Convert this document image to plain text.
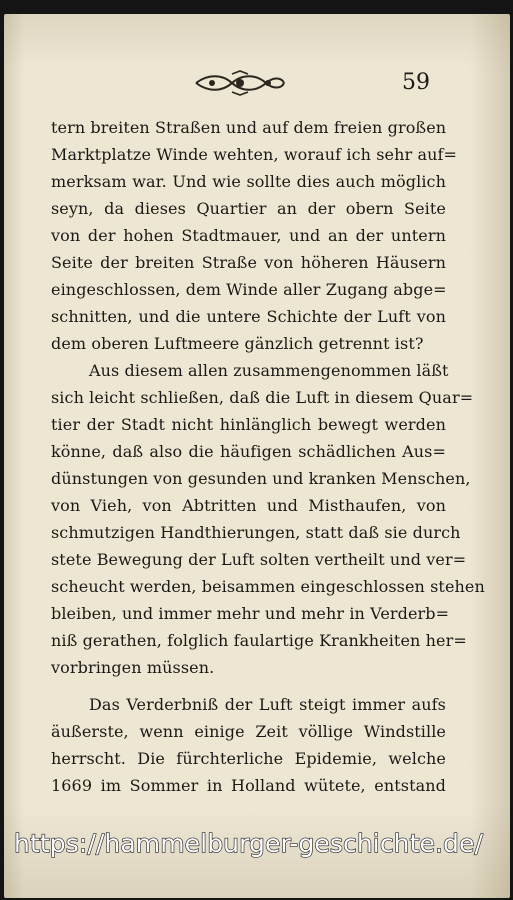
59
tern breiten Straßen und auf dem freien großen
Marktplatze Winde wehten, worauf ich sehr auf=
merksam war. Und wie sollte dies auch möglich
seyn, da dieses Quartier an der obern Seite
von der hohen Stadtmauer, und an der untern
Seite der breiten Straße von höheren Häusern
eingeschlossen, dem Winde aller Zugang abge=
schnitten, und die untere Schichte der Luft von
dem oberen Luftmeere gänzlich getrennt ist?
Aus diesem allen zusammengenommen läßt
sich leicht schließen, daß die Luft in diesem Quar=
tier der Stadt nicht hinlänglich bewegt werden
könne, daß also die häufigen schädlichen Aus=
dünstungen von gesunden und kranken Menschen,
von Vieh, von Abtritten und Misthaufen, von
schmutzigen Handthierungen, statt daß sie durch
stete Bewegung der Luft solten vertheilt und ver=
scheucht werden, beisammen eingeschlossen stehen
bleiben, und immer mehr und mehr in Verderb=
niß gerathen, folglich faulartige Krankheiten her=
vorbringen müssen.
Das Verderbniß der Luft steigt immer aufs
äußerste, wenn einige Zeit völlige Windstille
herrscht. Die fürchterliche Epidemie, welche
1669 im Sommer in Holland wütete, entstand
https://hammelburger-geschichte.de/
